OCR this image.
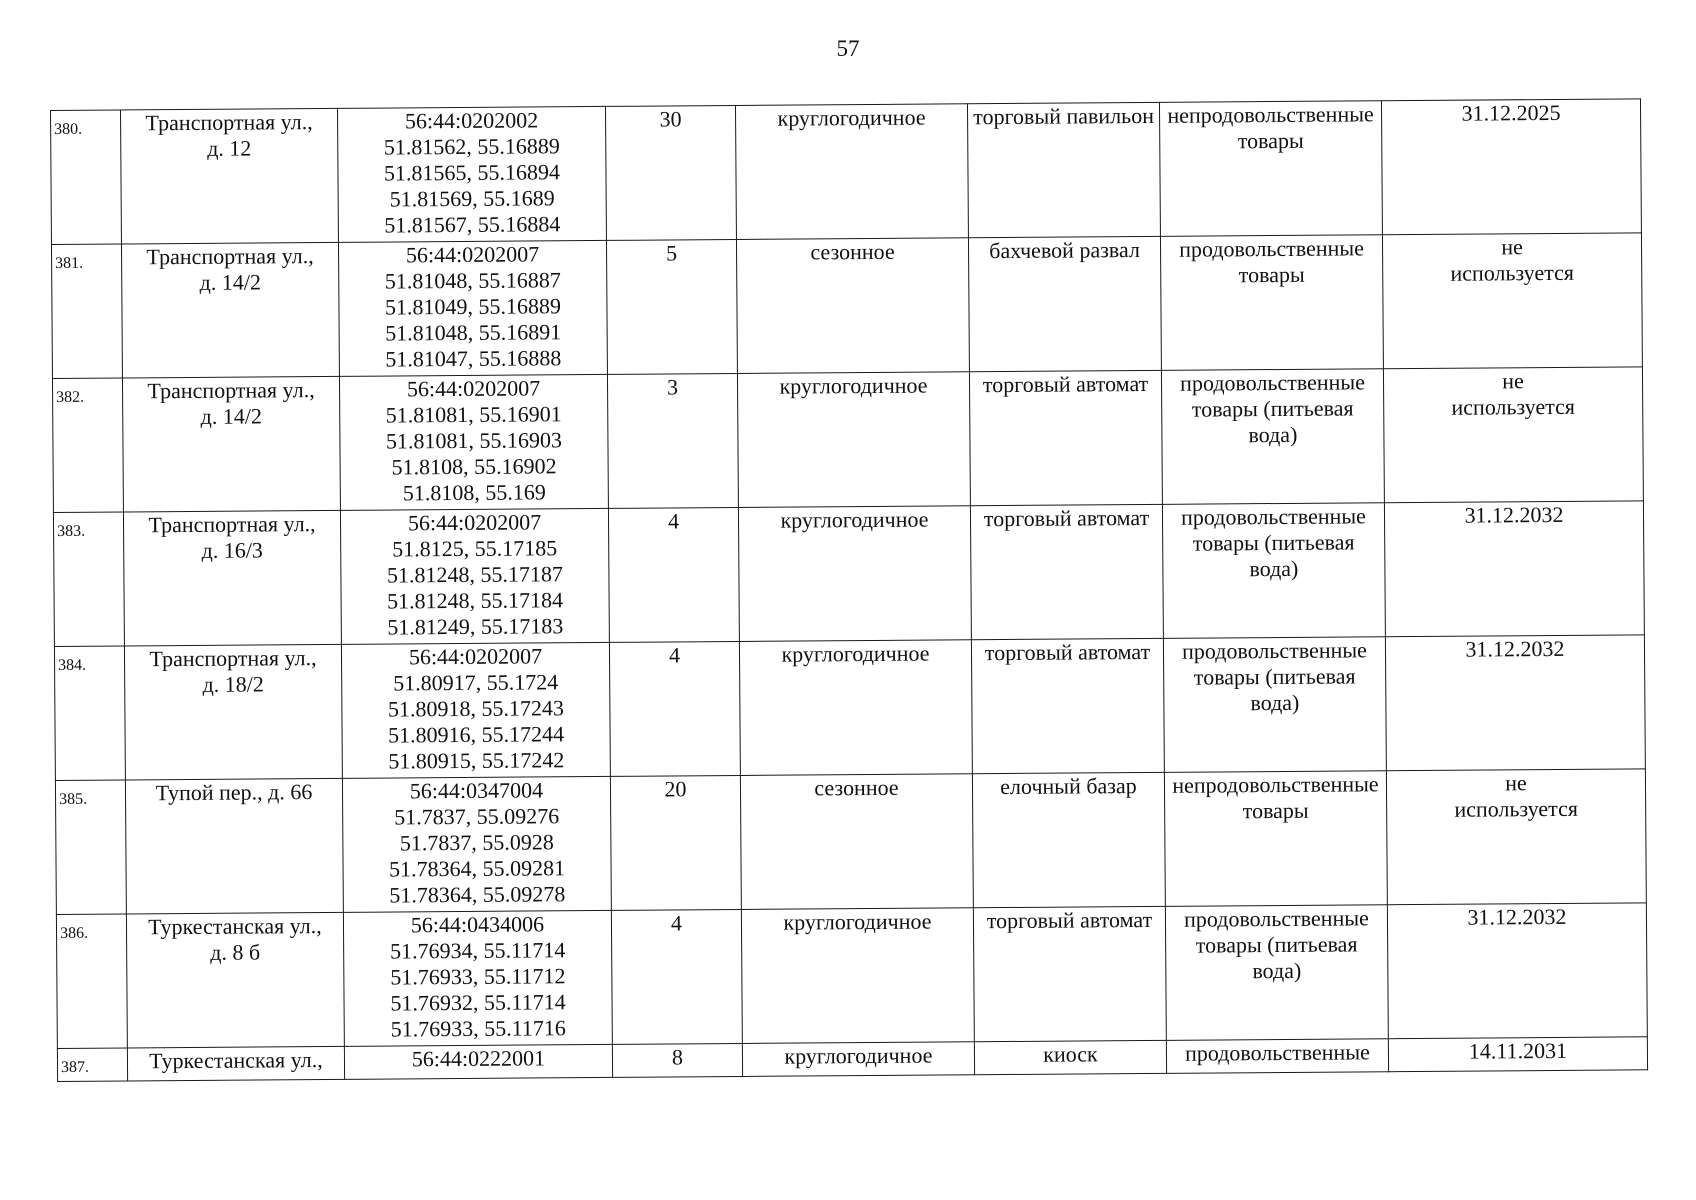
57
380.	Транспортная ул.,
д. 12	56:44:0202002
51.81562, 55.16889
51.81565, 55.16894
51.81569, 55.1689
51.81567, 55.16884	30	круглогодичное	торговый павильон	непродовольственные
товары	31.12.2025

381.	Транспортная ул.,
д. 14/2	56:44:0202007
51.81048, 55.16887
51.81049, 55.16889
51.81048, 55.16891
51.81047, 55.16888	5	сезонное	бахчевой развал	продовольственные
товары	не
используется

382.	Транспортная ул.,
д. 14/2	56:44:0202007
51.81081, 55.16901
51.81081, 55.16903
51.8108, 55.16902
51.8108, 55.169	3	круглогодичное	торговый автомат	продовольственные
товары (питьевая
вода)	не
используется

383.	Транспортная ул.,
д. 16/3	56:44:0202007
51.8125, 55.17185
51.81248, 55.17187
51.81248, 55.17184
51.81249, 55.17183	4	круглогодичное	торговый автомат	продовольственные
товары (питьевая
вода)	31.12.2032

384.	Транспортная ул.,
д. 18/2	56:44:0202007
51.80917, 55.1724
51.80918, 55.17243
51.80916, 55.17244
51.80915, 55.17242	4	круглогодичное	торговый автомат	продовольственные
товары (питьевая
вода)	31.12.2032

385.	Тупой пер., д. 66	56:44:0347004
51.7837, 55.09276
51.7837, 55.0928
51.78364, 55.09281
51.78364, 55.09278	20	сезонное	елочный базар	непродовольственные
товары	не
используется

386.	Туркестанская ул.,
д. 8 б	56:44:0434006
51.76934, 55.11714
51.76933, 55.11712
51.76932, 55.11714
51.76933, 55.11716	4	круглогодичное	торговый автомат	продовольственные
товары (питьевая
вода)	31.12.2032

387.	Туркестанская ул.,	56:44:0222001	8	круглогодичное	киоск	продовольственные	14.11.2031
